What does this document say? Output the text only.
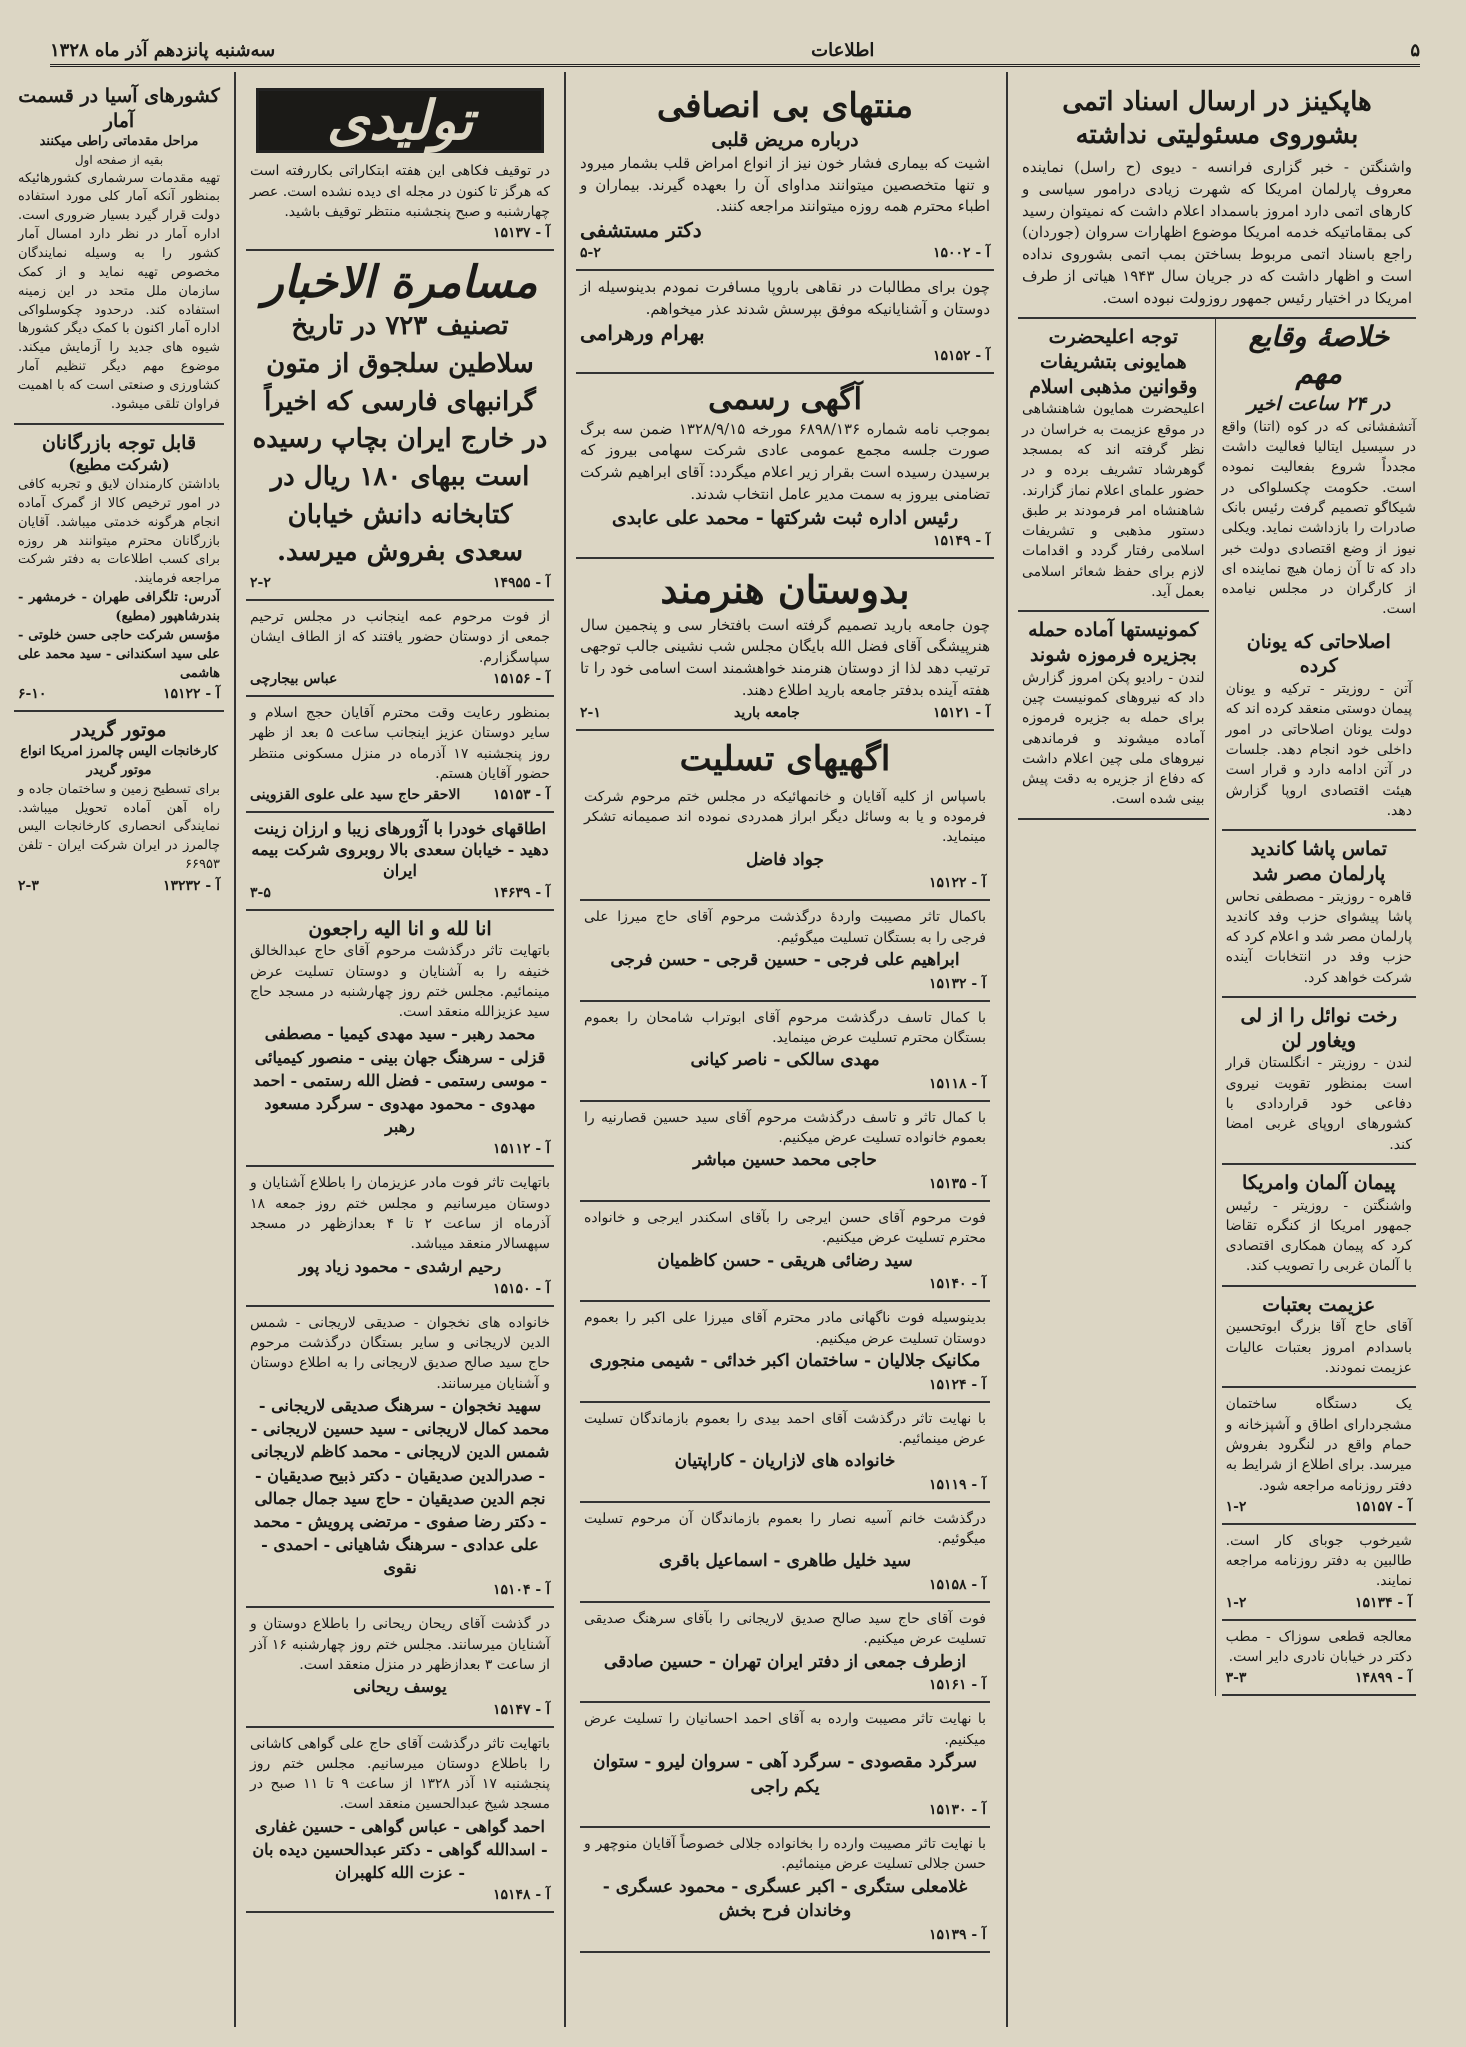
۵
اطلاعات
سه‌شنبه پانزدهم آذر ماه ۱۳۲۸
هاپکینز در ارسال اسناد اتمی بشوروی مسئولیتی نداشته
واشنگتن - خبر گزاری فرانسه - دیوی (ح راسل) نماینده معروف پارلمان امریکا که شهرت زیادی درامور سیاسی و کارهای اتمی دارد امروز باسمداد اعلام داشت که نمیتوان رسید کی بمقاماتیکه خدمه امریکا موضوع اظهارات سروان (جوردان) راجع باسناد اتمی مربوط بساختن بمب اتمی بشوروی نداده است و اظهار داشت که در جریان سال ۱۹۴۳ هیاتی از طرف امریکا در اختیار رئیس جمهور روزولت نبوده است.
خلاصهٔ وقایع مهم
در ۲۴ ساعت اخیر
آتشفشانی که در کوه (اتنا) واقع در سیسیل ایتالیا فعالیت داشت مجدداً شروع بفعالیت نموده است. حکومت چکسلواکی در شیکاگو تصمیم گرفت رئیس بانک صادرات را بازداشت نماید. ویکلی نیوز از وضع اقتصادی دولت خبر داد که تا آن زمان هیچ نماینده ای از کارگران در مجلس نیامده است.
اصلاحاتی که یونان کرده
آتن - روزیتر - ترکیه و یونان پیمان دوستی منعقد کرده اند که دولت یونان اصلاحاتی در امور داخلی خود انجام دهد. جلسات در آتن ادامه دارد و قرار است هیئت اقتصادی اروپا گزارش دهد.
تماس پاشا کاندید پارلمان مصر شد
قاهره - روزیتر - مصطفی نحاس پاشا پیشوای حزب وفد کاندید پارلمان مصر شد و اعلام کرد که حزب وفد در انتخابات آینده شرکت خواهد کرد.
رخت نوائل را از لی ویغاور لن
لندن - روزیتر - انگلستان قرار است بمنظور تقویت نیروی دفاعی خود قراردادی با کشورهای اروپای غربی امضا کند.
پیمان آلمان وامریکا
واشنگتن - روزیتر - رئیس جمهور امریکا از کنگره تقاضا کرد که پیمان همکاری اقتصادی با آلمان غربی را تصویب کند.
عزیمت بعتبات
آقای حاج آقا بزرگ ابوتحسین باسدادم امروز بعتبات عالیات عزیمت نمودند.
یک دستگاه ساختمان مشجردارای اطاق و آشپزخانه و حمام واقع در لنگرود بفروش میرسد. برای اطلاع از شرایط به دفتر روزنامه مراجعه شود.
آ - ۱۵۱۵۷
۱-۲
شیرخوب جوبای کار است. طالبین به دفتر روزنامه مراجعه نمایند.
آ - ۱۵۱۳۴
۱-۲
معالجه قطعی سوزاک - مطب دکتر در خیابان نادری دایر است.
آ - ۱۴۸۹۹
۳-۳
توجه اعلیحضرت همایونی بتشریفات وقوانین مذهبی اسلام
اعلیحضرت همایون شاهنشاهی در موقع عزیمت به خراسان در نظر گرفته اند که بمسجد گوهرشاد تشریف برده و در حضور علمای اعلام نماز گزارند. شاهنشاه امر فرمودند بر طبق دستور مذهبی و تشریفات اسلامی رفتار گردد و اقدامات لازم برای حفظ شعائر اسلامی بعمل آید.
کمونیستها آماده حمله بجزیره فرموزه شوند
لندن - رادیو پکن امروز گزارش داد که نیروهای کمونیست چین برای حمله به جزیره فرموزه آماده میشوند و فرماندهی نیروهای ملی چین اعلام داشت که دفاع از جزیره به دقت پیش بینی شده است.
منتهای بی انصافی
درباره مریض قلبی
اشیت که بیماری فشار خون نیز از انواع امراض قلب بشمار میرود و تنها متخصصین میتوانند مداوای آن را بعهده گیرند. بیماران و اطباء محترم همه روزه میتوانند مراجعه کنند.
دکتر مستشفی
آ - ۱۵۰۰۲
۵-۲
چون برای مطالبات در نقاهی باروپا مسافرت نمودم بدینوسیله از دوستان و آشنایانیکه موفق بپرسش شدند عذر میخواهم.
بهرام ورهرامی
آ - ۱۵۱۵۲
آگهی رسمی
بموجب نامه شماره ۶۸۹۸/۱۳۶ مورخه ۱۳۲۸/۹/۱۵ ضمن سه برگ صورت جلسه مجمع عمومی عادی شرکت سهامی بیروز که برسیدن رسیده است بقرار زیر اعلام میگردد: آقای ابراهیم شرکت تضامنی بیروز به سمت مدیر عامل انتخاب شدند.
رئیس اداره ثبت شرکتها - محمد علی عابدی
آ - ۱۵۱۴۹
بدوستان هنرمند
چون جامعه بارید تصمیم گرفته است بافتخار سی و پنجمین سال هنرپیشگی آقای فضل الله بایگان مجلس شب نشینی جالب توجهی ترتیب دهد لذا از دوستان هنرمند خواهشمند است اسامی خود را تا هفته آینده بدفتر جامعه بارید اطلاع دهند.
آ - ۱۵۱۲۱
جامعه بارید
۲-۱
اگهیهای تسلیت
باسپاس از کلیه آقایان و خانمهائیکه در مجلس ختم مرحوم شرکت فرموده و یا به وسائل دیگر ابراز همدردی نموده اند صمیمانه تشکر مینماید.
جواد فاضل
آ - ۱۵۱۲۲
باکمال تاثر مصیبت واردهٔ درگذشت مرحوم آقای حاج میرزا علی فرجی را به بستگان تسلیت میگوئیم.
ابراهیم علی فرجی - حسین قرجی - حسن فرجی
آ - ۱۵۱۳۲
با کمال تاسف درگذشت مرحوم آقای ابوتراب شامحان را بعموم بستگان محترم تسلیت عرض مینماید.
مهدی سالکی - ناصر کیانی
آ - ۱۵۱۱۸
با کمال تاثر و تاسف درگذشت مرحوم آقای سید حسین قصارنیه را بعموم خانواده تسلیت عرض میکنیم.
حاجی محمد حسین مباشر
آ - ۱۵۱۳۵
فوت مرحوم آقای حسن ایرجی را بآقای اسکندر ایرجی و خانواده محترم تسلیت عرض میکنیم.
سید رضائی هریقی - حسن کاظمیان
آ - ۱۵۱۴۰
بدینوسیله فوت ناگهانی مادر محترم آقای میرزا علی اکبر را بعموم دوستان تسلیت عرض میکنیم.
مکانیک جلالیان - ساختمان اکبر خدائی - شیمی منجوری
آ - ۱۵۱۲۴
با نهایت تاثر درگذشت آقای احمد بیدی را بعموم بازماندگان تسلیت عرض مینمائیم.
خانواده های لازاریان - کاراپتیان
آ - ۱۵۱۱۹
درگذشت خانم آسیه نصار را بعموم بازماندگان آن مرحوم تسلیت میگوئیم.
سید خلیل طاهری - اسماعیل باقری
آ - ۱۵۱۵۸
فوت آقای حاج سید صالح صدیق لاریجانی را بآقای سرهنگ صدیقی تسلیت عرض میکنیم.
ازطرف جمعی از دفتر ایران تهران - حسین صادقی
آ - ۱۵۱۶۱
با نهایت تاثر مصیبت وارده به آقای احمد احسانیان را تسلیت عرض میکنیم.
سرگرد مقصودی - سرگرد آهی - سروان لیرو - ستوان یکم راجی
آ - ۱۵۱۳۰
با نهایت تاثر مصیبت وارده را بخانواده جلالی خصوصاً آقایان منوچهر و حسن جلالی تسلیت عرض مینمائیم.
غلامعلی ستگری - اکبر عسگری - محمود عسگری - وخاندان فرح بخش
آ - ۱۵۱۳۹
تولیدی
در توقیف فکاهی این هفته ابتکاراتی بکاررفته است که هرگز تا کنون در مجله ای دیده نشده است. عصر چهارشنبه و صبح پنجشنبه منتظر توقیف باشید.
آ - ۱۵۱۳۷
مسامرة الاخبار
تصنیف ۷۲۳ در تاریخ سلاطین سلجوق از متون گرانبهای فارسی که اخیراً در خارج ایران بچاپ رسیده است ببهای ۱۸۰ ریال در کتابخانه دانش خیابان سعدی بفروش میرسد.
آ - ۱۴۹۵۵
۲-۲
از فوت مرحوم عمه اینجانب در مجلس ترحیم جمعی از دوستان حضور یافتند که از الطاف ایشان سپاسگزارم.
آ - ۱۵۱۵۶
عباس بیجارچی
بمنظور رعایت وقت محترم آقایان حجج اسلام و سایر دوستان عزیز اینجانب ساعت ۵ بعد از ظهر روز پنجشنبه ۱۷ آذرماه در منزل مسکونی منتظر حضور آقایان هستم.
آ - ۱۵۱۵۳
الاحقر حاج سید علی علوی القزوینی
اطاقهای خودرا با آژورهای زیبا و ارزان زینت دهید - خیابان سعدی بالا روبروی شرکت بیمه ایران
آ - ۱۴۶۳۹
۳-۵
انا لله و انا الیه راجعون
باتهایت تاثر درگذشت مرحوم آقای حاج عبدالخالق خنیفه را به آشنایان و دوستان تسلیت عرض مینمائیم. مجلس ختم روز چهارشنبه در مسجد حاج سید عزیزالله منعقد است.
محمد رهبر - سید مهدی کیمیا - مصطفی قزلی - سرهنگ جهان بینی - منصور کیمیائی - موسی رستمی - فضل الله رستمی - احمد مهدوی - محمود مهدوی - سرگرد مسعود رهبر
آ - ۱۵۱۱۲
باتهایت تاثر فوت مادر عزیزمان را باطلاع آشنایان و دوستان میرسانیم و مجلس ختم روز جمعه ۱۸ آذرماه از ساعت ۲ تا ۴ بعدازظهر در مسجد سپهسالار منعقد میباشد.
رحیم ارشدی - محمود زیاد پور
آ - ۱۵۱۵۰
خانواده های نخجوان - صدیقی لاریجانی - شمس الدین لاریجانی و سایر بستگان درگذشت مرحوم حاج سید صالح صدیق لاریجانی را به اطلاع دوستان و آشنایان میرسانند.
سهید نخجوان - سرهنگ صدیقی لاریجانی - محمد کمال لاریجانی - سید حسین لاریجانی - شمس الدین لاریجانی - محمد کاظم لاریجانی - صدرالدین صدیقیان - دکتر ذبیح صدیقیان - نجم الدین صدیقیان - حاج سید جمال جمالی - دکتر رضا صفوی - مرتضی پرویش - محمد علی عدادی - سرهنگ شاهیانی - احمدی - نقوی
آ - ۱۵۱۰۴
در گذشت آقای ریحان ریحانی را باطلاع دوستان و آشنایان میرسانند. مجلس ختم روز چهارشنبه ۱۶ آذر از ساعت ۳ بعدازظهر در منزل منعقد است.
یوسف ریحانی
آ - ۱۵۱۴۷
باتهایت تاثر درگذشت آقای حاج علی گواهی کاشانی را باطلاع دوستان میرسانیم. مجلس ختم روز پنجشنبه ۱۷ آذر ۱۳۲۸ از ساعت ۹ تا ۱۱ صبح در مسجد شیخ عبدالحسین منعقد است.
احمد گواهی - عباس گواهی - حسین غفاری - اسدالله گواهی - دکتر عبدالحسین دیده بان - عزت الله کلهبران
آ - ۱۵۱۴۸
کشورهای آسیا در قسمت آمار
مراحل مقدماتی راطی میکنند
بقیه از صفحه اول
تهیه مقدمات سرشماری کشورهائیکه بمنظور آنکه آمار کلی مورد استفاده دولت قرار گیرد بسیار ضروری است. اداره آمار در نظر دارد امسال آمار کشور را به وسیله نمایندگان مخصوص تهیه نماید و از کمک سازمان ملل متحد در این زمینه استفاده کند. درحدود چکوسلواکی اداره آمار اکنون با کمک دیگر کشورها شیوه های جدید را آزمایش میکند. موضوع مهم دیگر تنظیم آمار کشاورزی و صنعتی است که با اهمیت فراوان تلقی میشود.
قابل توجه بازرگانان
(شرکت مطیع)
باداشتن کارمندان لایق و تجربه کافی در امور ترخیص کالا از گمرک آماده انجام هرگونه خدمتی میباشد. آقایان بازرگانان محترم میتوانند هر روزه برای کسب اطلاعات به دفتر شرکت مراجعه فرمایند.
آدرس: تلگرافی طهران - خرمشهر - بندرشاهپور (مطیع)
مؤسس شرکت حاجی حسن خلوتی - علی سید اسکندانی - سید محمد علی هاشمی
آ - ۱۵۱۲۲
۶-۱۰
موتور گریدر
کارخانجات الیس چالمرز امریکا انواع موتور گریدر
برای تسطیح زمین و ساختمان جاده و راه آهن آماده تحویل میباشد. نمایندگی انحصاری کارخانجات الیس چالمرز در ایران شرکت ایران - تلفن ۶۶۹۵۳
آ - ۱۳۲۳۲
۲-۳
